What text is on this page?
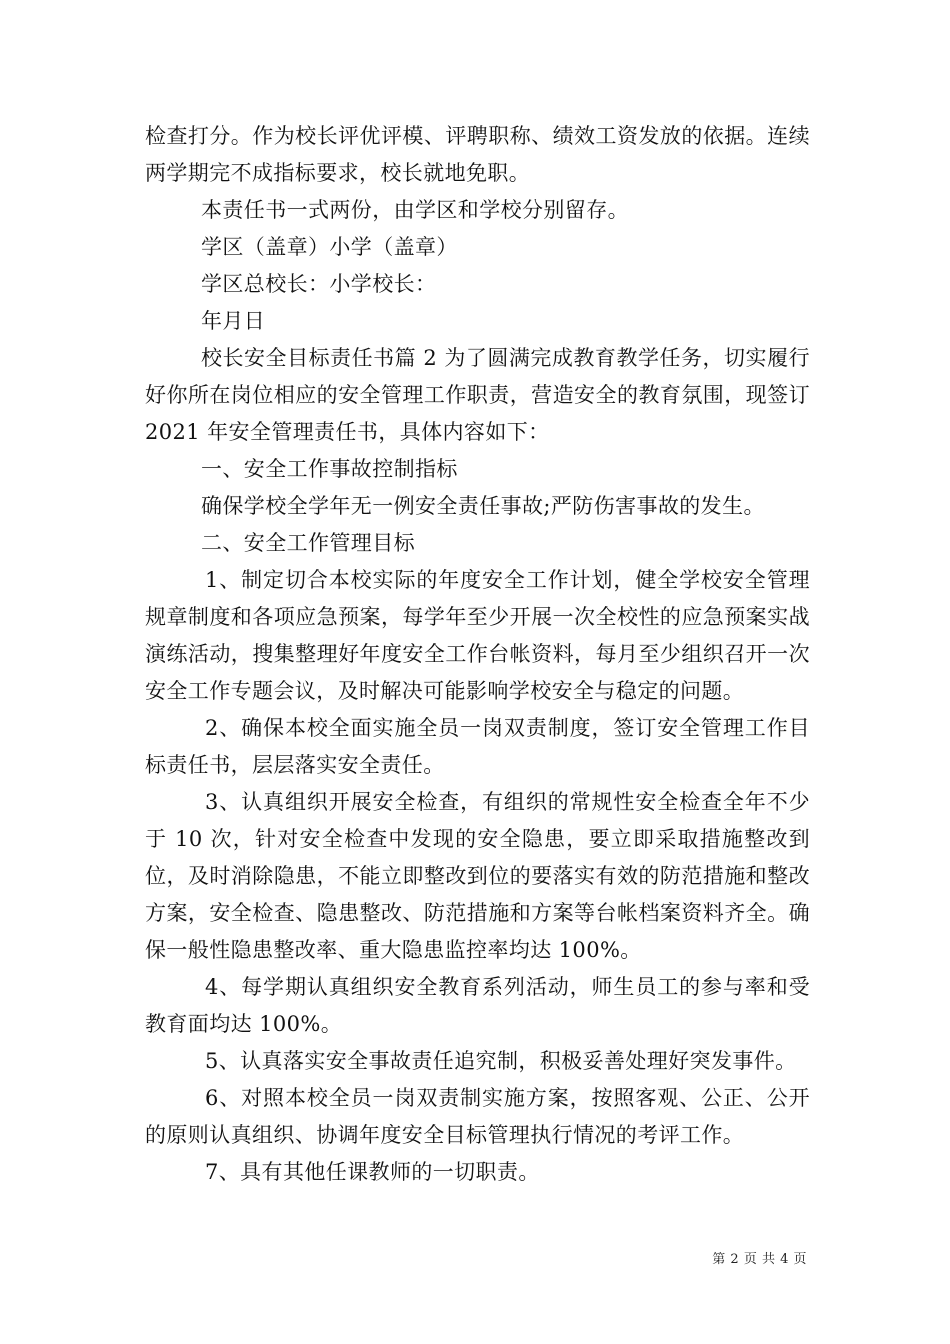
检查打分。作为校长评优评模、评聘职称、绩效工资发放的依据。连续两学期完不成指标要求，校长就地免职。

本责任书一式两份，由学区和学校分别留存。

学区（盖章）小学（盖章）

学区总校长：小学校长：

年月日

校长安全目标责任书篇 2 为了圆满完成教育教学任务，切实履行好你所在岗位相应的安全管理工作职责，营造安全的教育氛围，现签订 2021 年安全管理责任书，具体内容如下：

一、安全工作事故控制指标

确保学校全学年无一例安全责任事故;严防伤害事故的发生。

二、安全工作管理目标

1、制定切合本校实际的年度安全工作计划，健全学校安全管理规章制度和各项应急预案，每学年至少开展一次全校性的应急预案实战演练活动，搜集整理好年度安全工作台帐资料，每月至少组织召开一次安全工作专题会议，及时解决可能影响学校安全与稳定的问题。

2、确保本校全面实施全员一岗双责制度，签订安全管理工作目标责任书，层层落实安全责任。

3、认真组织开展安全检查，有组织的常规性安全检查全年不少于 10 次，针对安全检查中发现的安全隐患，要立即采取措施整改到位，及时消除隐患，不能立即整改到位的要落实有效的防范措施和整改方案，安全检查、隐患整改、防范措施和方案等台帐档案资料齐全。确保一般性隐患整改率、重大隐患监控率均达 100%。

4、每学期认真组织安全教育系列活动，师生员工的参与率和受教育面均达 100%。

5、认真落实安全事故责任追究制，积极妥善处理好突发事件。

6、对照本校全员一岗双责制实施方案，按照客观、公正、公开的原则认真组织、协调年度安全目标管理执行情况的考评工作。

7、具有其他任课教师的一切职责。

第 2 页 共 4 页
